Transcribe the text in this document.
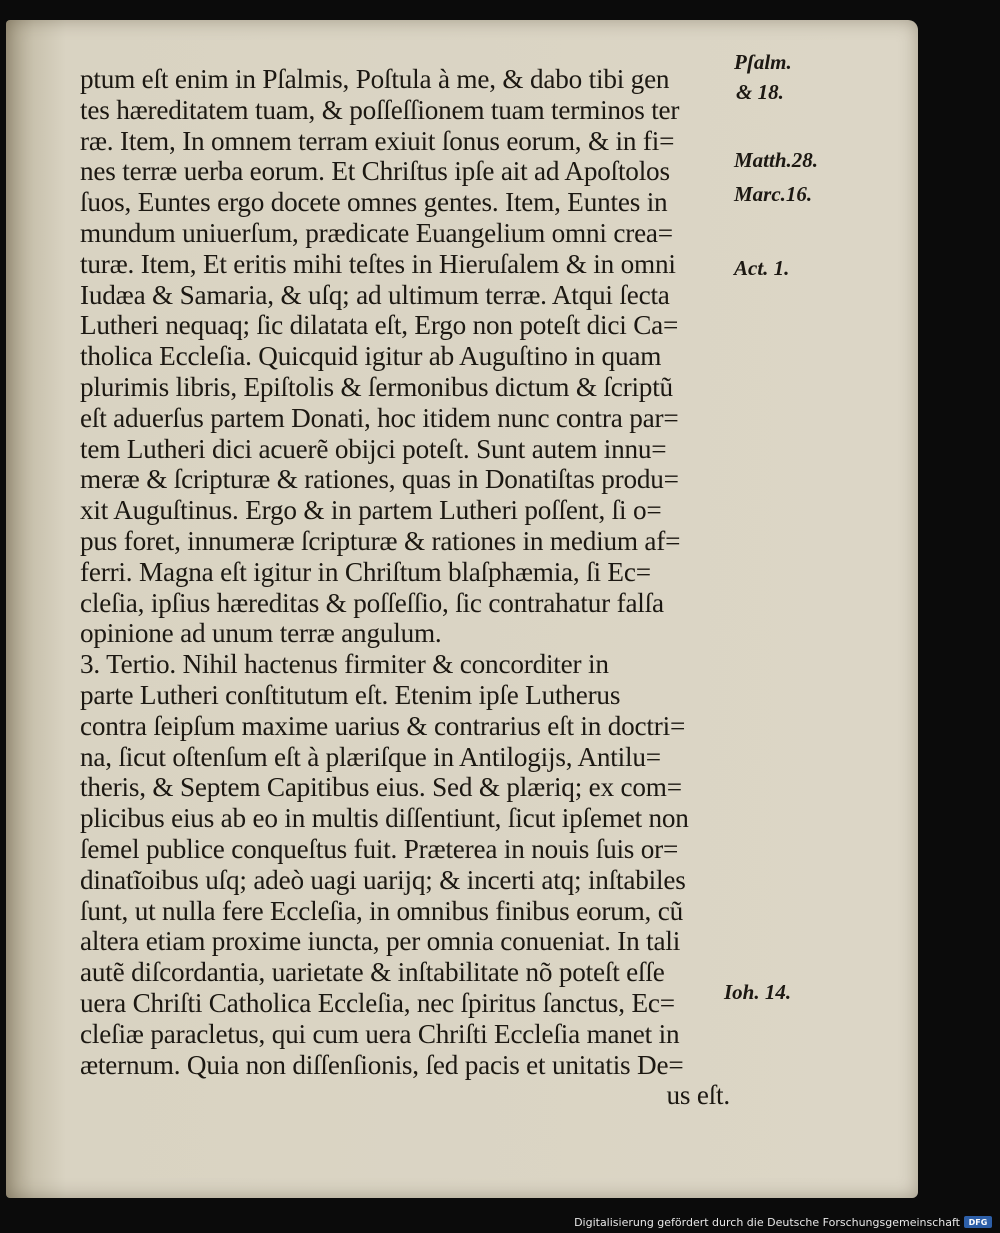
ptum eſt enim in Pſalmis, Poſtula à me, & dabo tibi gen
tes hæreditatem tuam, & poſſeſſionem tuam terminos ter
ræ. Item, In omnem terram exiuit ſonus eorum, & in fi=
nes terræ uerba eorum. Et Chriſtus ipſe ait ad Apoſtolos
ſuos, Euntes ergo docete omnes gentes. Item, Euntes in
mundum uniuerſum, prædicate Euangelium omni crea=
turæ. Item, Et eritis mihi teſtes in Hieruſalem & in omni
Iudæa & Samaria, & uſq; ad ultimum terræ. Atqui ſecta
Lutheri nequaq; ſic dilatata eſt, Ergo non poteſt dici Ca=
tholica Eccleſia. Quicquid igitur ab Auguſtino in quam
plurimis libris, Epiſtolis & ſermonibus dictum & ſcriptũ
eſt aduerſus partem Donati, hoc itidem nunc contra par=
tem Lutheri dici acuerẽ obijci poteſt. Sunt autem innu=
meræ & ſcripturæ & rationes, quas in Donatiſtas produ=
xit Auguſtinus. Ergo & in partem Lutheri poſſent, ſi o=
pus foret, innumeræ ſcripturæ & rationes in medium af=
ferri. Magna eſt igitur in Chriſtum blaſphæmia, ſi Ec=
cleſia, ipſius hæreditas & poſſeſſio, ſic contrahatur falſa
opinione ad unum terræ angulum.
3. Tertio. Nihil hactenus firmiter & concorditer in
parte Lutheri conſtitutum eſt. Etenim ipſe Lutherus
contra ſeipſum maxime uarius & contrarius eſt in doctri=
na, ſicut oſtenſum eſt à plæriſque in Antilogijs, Antilu=
theris, & Septem Capitibus eius. Sed & plæriq; ex com=
plicibus eius ab eo in multis diſſentiunt, ſicut ipſemet non
ſemel publice conqueſtus fuit. Præterea in nouis ſuis or=
dinatĩoibus uſq; adeò uagi uarijq; & incerti atq; inſtabiles
ſunt, ut nulla fere Eccleſia, in omnibus finibus eorum, cũ
altera etiam proxime iuncta, per omnia conueniat. In tali
autẽ diſcordantia, uarietate & inſtabilitate nõ poteſt eſſe
uera Chriſti Catholica Eccleſia, nec ſpiritus ſanctus, Ec=
cleſiæ paracletus, qui cum uera Chriſti Eccleſia manet in
æternum. Quia non diſſenſionis, ſed pacis et unitatis De=
us eſt.
Pſalm.
& 18.
Matth.28.
Marc.16.
Act. 1.
Ioh. 14.
Digitalisierung gefördert durch die Deutsche Forschungsgemeinschaft	DFG
